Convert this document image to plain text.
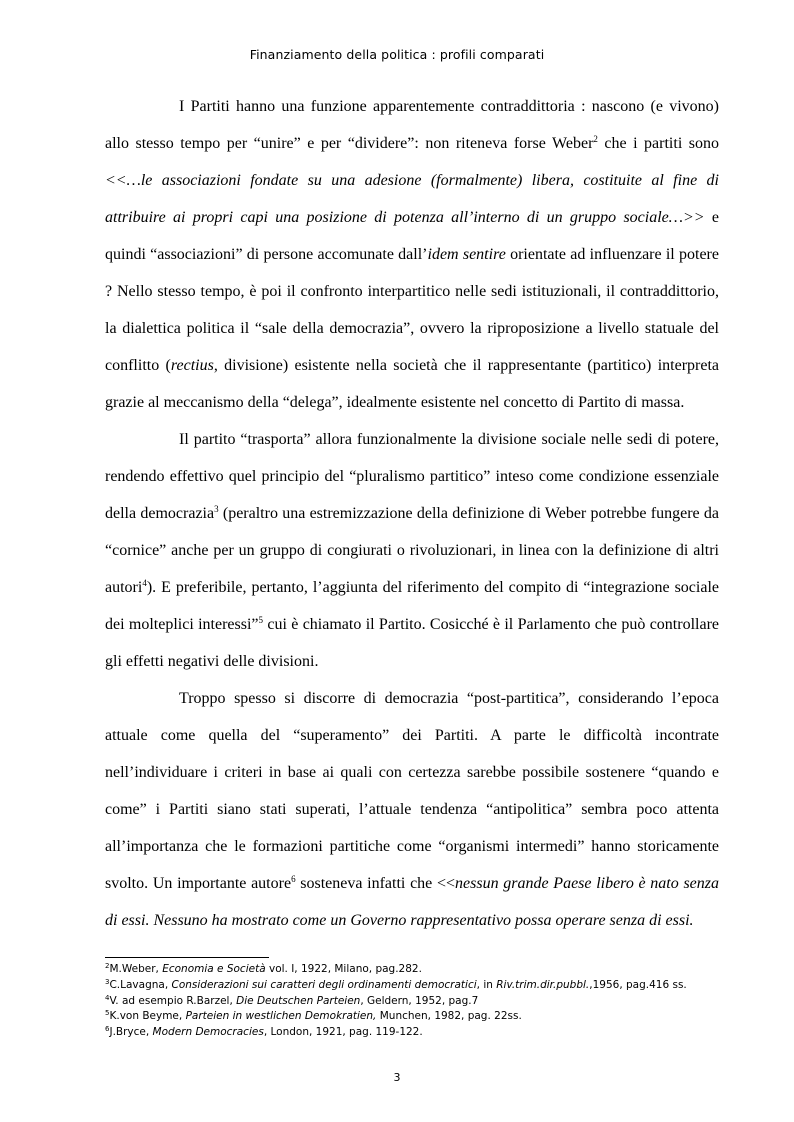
Finanziamento della politica : profili comparati

I Partiti hanno una funzione apparentemente contraddittoria : nascono (e vivono) allo stesso tempo per “unire” e per “dividere”: non riteneva forse Weber$^2$ che i partiti sono <<…le associazioni fondate su una adesione (formalmente) libera, costituite al fine di attribuire ai propri capi una posizione di potenza all’interno di un gruppo sociale…>> e quindi “associazioni” di persone accomunate dall’idem sentire orientate ad influenzare il potere ? Nello stesso tempo, è poi il confronto interpartitico nelle sedi istituzionali, il contraddittorio, la dialettica politica il “sale della democrazia”, ovvero la riproposizione a livello statuale del conflitto (rectius, divisione) esistente nella società che il rappresentante (partitico) interpreta grazie al meccanismo della “delega”, idealmente esistente nel concetto di Partito di massa.

Il partito “trasporta” allora funzionalmente la divisione sociale nelle sedi di potere, rendendo effettivo quel principio del “pluralismo partitico” inteso come condizione essenziale della democrazia$^3$ (peraltro una estremizzazione della definizione di Weber potrebbe fungere da “cornice” anche per un gruppo di congiurati o rivoluzionari, in linea con la definizione di altri autori$^4$). E preferibile, pertanto, l’aggiunta del riferimento del compito di “integrazione sociale dei molteplici interessi”$^5$ cui è chiamato il Partito. Cosicché è il Parlamento che può controllare gli effetti negativi delle divisioni.

Troppo spesso si discorre di democrazia “post-partitica”, considerando l’epoca attuale come quella del “superamento” dei Partiti. A parte le difficoltà incontrate nell’individuare i criteri in base ai quali con certezza sarebbe possibile sostenere “quando e come” i Partiti siano stati superati, l’attuale tendenza “antipolitica” sembra poco attenta all’importanza che le formazioni partitiche come “organismi intermedi” hanno storicamente svolto. Un importante autore$^6$ sosteneva infatti che <<nessun grande Paese libero è nato senza di essi. Nessuno ha mostrato come un Governo rappresentativo possa operare senza di essi.

$^2$M.Weber, Economia e Società vol. I, 1922, Milano, pag.282.
$^3$C.Lavagna, Considerazioni sui caratteri degli ordinamenti democratici, in Riv.trim.dir.pubbl.,1956, pag.416 ss.
$^4$V. ad esempio R.Barzel, Die Deutschen Parteien, Geldern, 1952, pag.7
$^5$K.von Beyme, Parteien in westlichen Demokratien, Munchen, 1982, pag. 22ss.
$^6$J.Bryce, Modern Democracies, London, 1921, pag. 119-122.
3
